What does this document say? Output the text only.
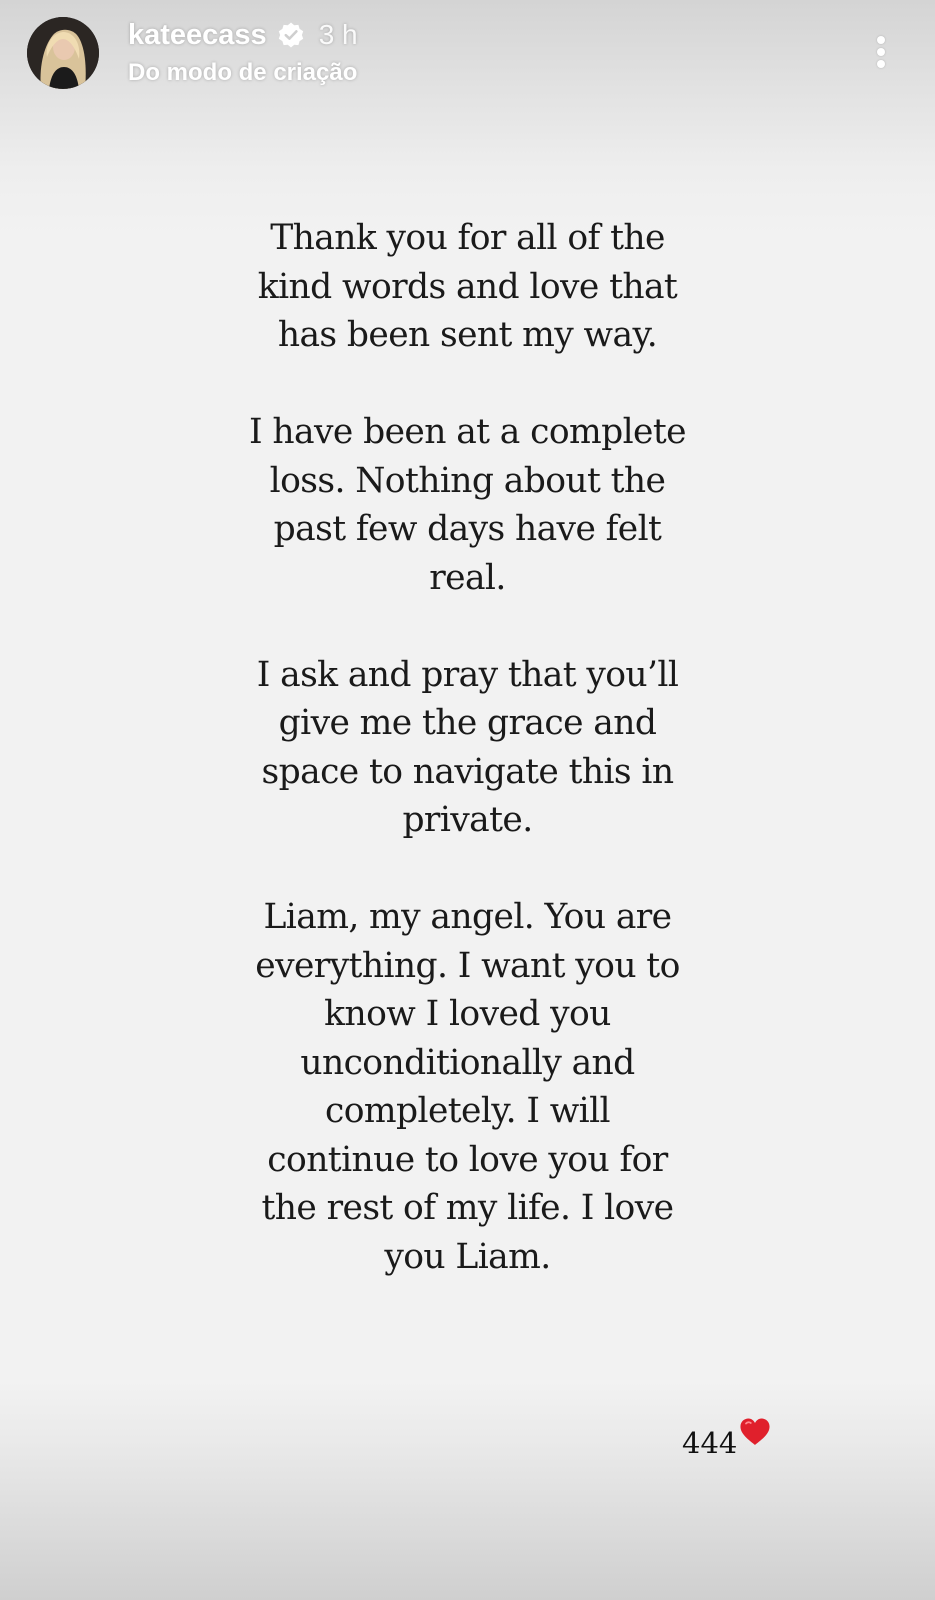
kateecass 3 h
Do modo de criação
Thank you for all of the
kind words and love that
has been sent my way.
I have been at a complete
loss. Nothing about the
past few days have felt
real.
I ask and pray that you’ll
give me the grace and
space to navigate this in
private.
Liam, my angel. You are
everything. I want you to
know I loved you
unconditionally and
completely. I will
continue to love you for
the rest of my life. I love
you Liam.
444
